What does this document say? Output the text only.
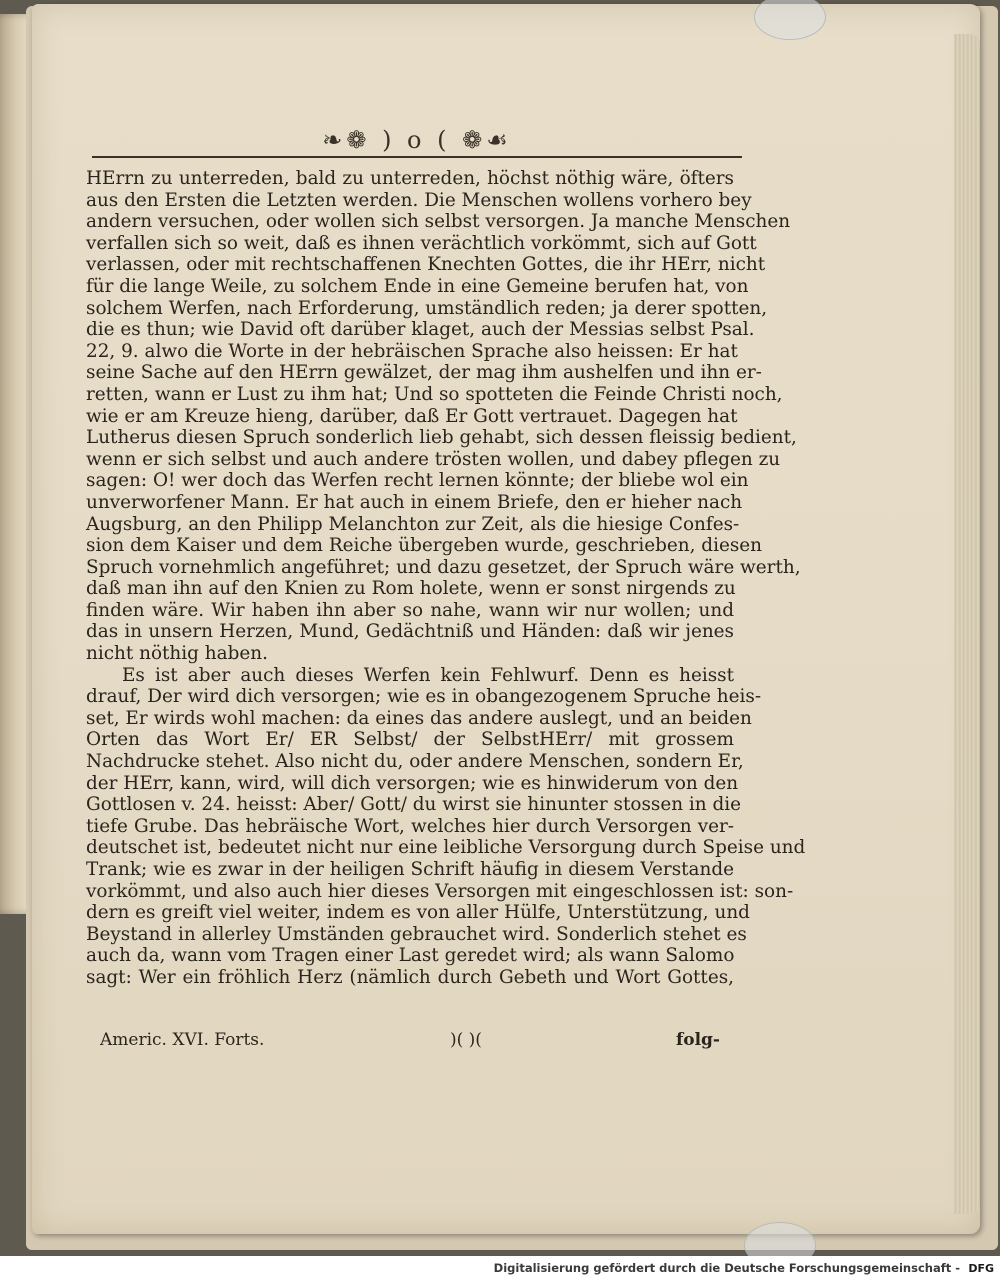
❧❁ ) o ( ❁☙
HErrn zu unterreden, bald zu unterreden, höchst nöthig wäre, öfters
aus den Ersten die Letzten werden. Die Menschen wollens vorhero bey
andern versuchen, oder wollen sich selbst versorgen. Ja manche Menschen
verfallen sich so weit, daß es ihnen verächtlich vorkömmt, sich auf Gott
verlassen, oder mit rechtschaffenen Knechten Gottes, die ihr HErr, nicht
für die lange Weile, zu solchem Ende in eine Gemeine berufen hat, von
solchem Werfen, nach Erforderung, umständlich reden; ja derer spotten,
die es thun; wie David oft darüber klaget, auch der Messias selbst Psal.
22, 9. alwo die Worte in der hebräischen Sprache also heissen: Er hat
seine Sache auf den HErrn gewälzet, der mag ihm aushelfen und ihn er-
retten, wann er Lust zu ihm hat; Und so spotteten die Feinde Christi noch,
wie er am Kreuze hieng, darüber, daß Er Gott vertrauet. Dagegen hat
Lutherus diesen Spruch sonderlich lieb gehabt, sich dessen fleissig bedient,
wenn er sich selbst und auch andere trösten wollen, und dabey pflegen zu
sagen: O! wer doch das Werfen recht lernen könnte; der bliebe wol ein
unverworfener Mann. Er hat auch in einem Briefe, den er hieher nach
Augsburg, an den Philipp Melanchton zur Zeit, als die hiesige Confes-
sion dem Kaiser und dem Reiche übergeben wurde, geschrieben, diesen
Spruch vornehmlich angeführet; und dazu gesetzet, der Spruch wäre werth,
daß man ihn auf den Knien zu Rom holete, wenn er sonst nirgends zu
finden wäre. Wir haben ihn aber so nahe, wann wir nur wollen; und
das in unsern Herzen, Mund, Gedächtniß und Händen: daß wir jenes
nicht nöthig haben.
Es ist aber auch dieses Werfen kein Fehlwurf. Denn es heisst
drauf, Der wird dich versorgen; wie es in obangezogenem Spruche heis-
set, Er wirds wohl machen: da eines das andere auslegt, und an beiden
Orten das Wort Er/ ER Selbst/ der SelbstHErr/ mit grossem
Nachdrucke stehet. Also nicht du, oder andere Menschen, sondern Er,
der HErr, kann, wird, will dich versorgen; wie es hinwiderum von den
Gottlosen v. 24. heisst: Aber/ Gott/ du wirst sie hinunter stossen in die
tiefe Grube. Das hebräische Wort, welches hier durch Versorgen ver-
deutschet ist, bedeutet nicht nur eine leibliche Versorgung durch Speise und
Trank; wie es zwar in der heiligen Schrift häufig in diesem Verstande
vorkömmt, und also auch hier dieses Versorgen mit eingeschlossen ist: son-
dern es greift viel weiter, indem es von aller Hülfe, Unterstützung, und
Beystand in allerley Umständen gebrauchet wird. Sonderlich stehet es
auch da, wann vom Tragen einer Last geredet wird; als wann Salomo
sagt: Wer ein fröhlich Herz (nämlich durch Gebeth und Wort Gottes,
Americ. XVI. Forts.	)( )(	folg-
Digitalisierung gefördert durch die Deutsche Forschungsgemeinschaft - DFG
